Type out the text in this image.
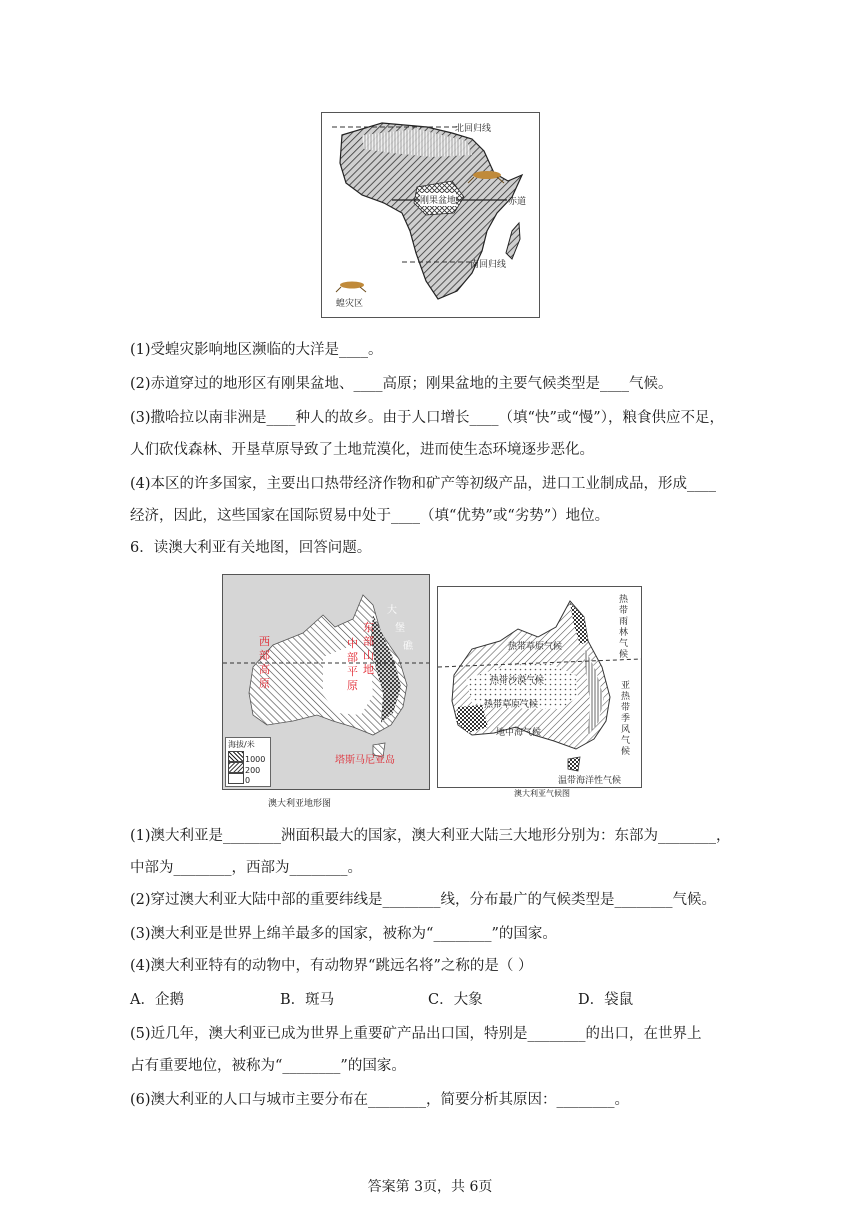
北回归线
刚果盆地	赤道
南回归线
蝗灾区
(1)受蝗灾影响地区濒临的大洋是____。
(2)赤道穿过的地形区有刚果盆地、____高原；刚果盆地的主要气候类型是____气候。
(3)撒哈拉以南非洲是____种人的故乡。由于人口增长____（填“快”或“慢”），粮食供应不足，
人们砍伐森林、开垦草原导致了土地荒漠化，进而使生态环境逐步恶化。
(4)本区的许多国家，主要出口热带经济作物和矿产等初级产品，进口工业制成品，形成____
经济，因此，这些国家在国际贸易中处于____（填“优势”或“劣势”）地位。
6．读澳大利亚有关地图，回答问题。
大
堡
礁
西
部
高
原
中
部
平
原
东
部
山
地
塔斯马尼亚岛
海拔/米
1000
200
0
澳大利亚地形图
热带草原气候
热带沙漠气候
热带草原气候
地中海气候
温带海洋性气候
热
带
雨
林
气
候
亚
热
带
季
风
气
候
澳大利亚气候图
(1)澳大利亚是________洲面积最大的国家，澳大利亚大陆三大地形分别为：东部为________，
中部为________，西部为________。
(2)穿过澳大利亚大陆中部的重要纬线是________线，分布最广的气候类型是________气候。
(3)澳大利亚是世界上绵羊最多的国家，被称为“________”的国家。
(4)澳大利亚特有的动物中，有动物界“跳远名将”之称的是（ ）
A．企鹅	B．斑马	C．大象	D．袋鼠
(5)近几年，澳大利亚已成为世界上重要矿产品出口国，特别是________的出口，在世界上
占有重要地位，被称为“________”的国家。
(6)澳大利亚的人口与城市主要分布在________，简要分析其原因：________。
答案第 3页，共 6页
